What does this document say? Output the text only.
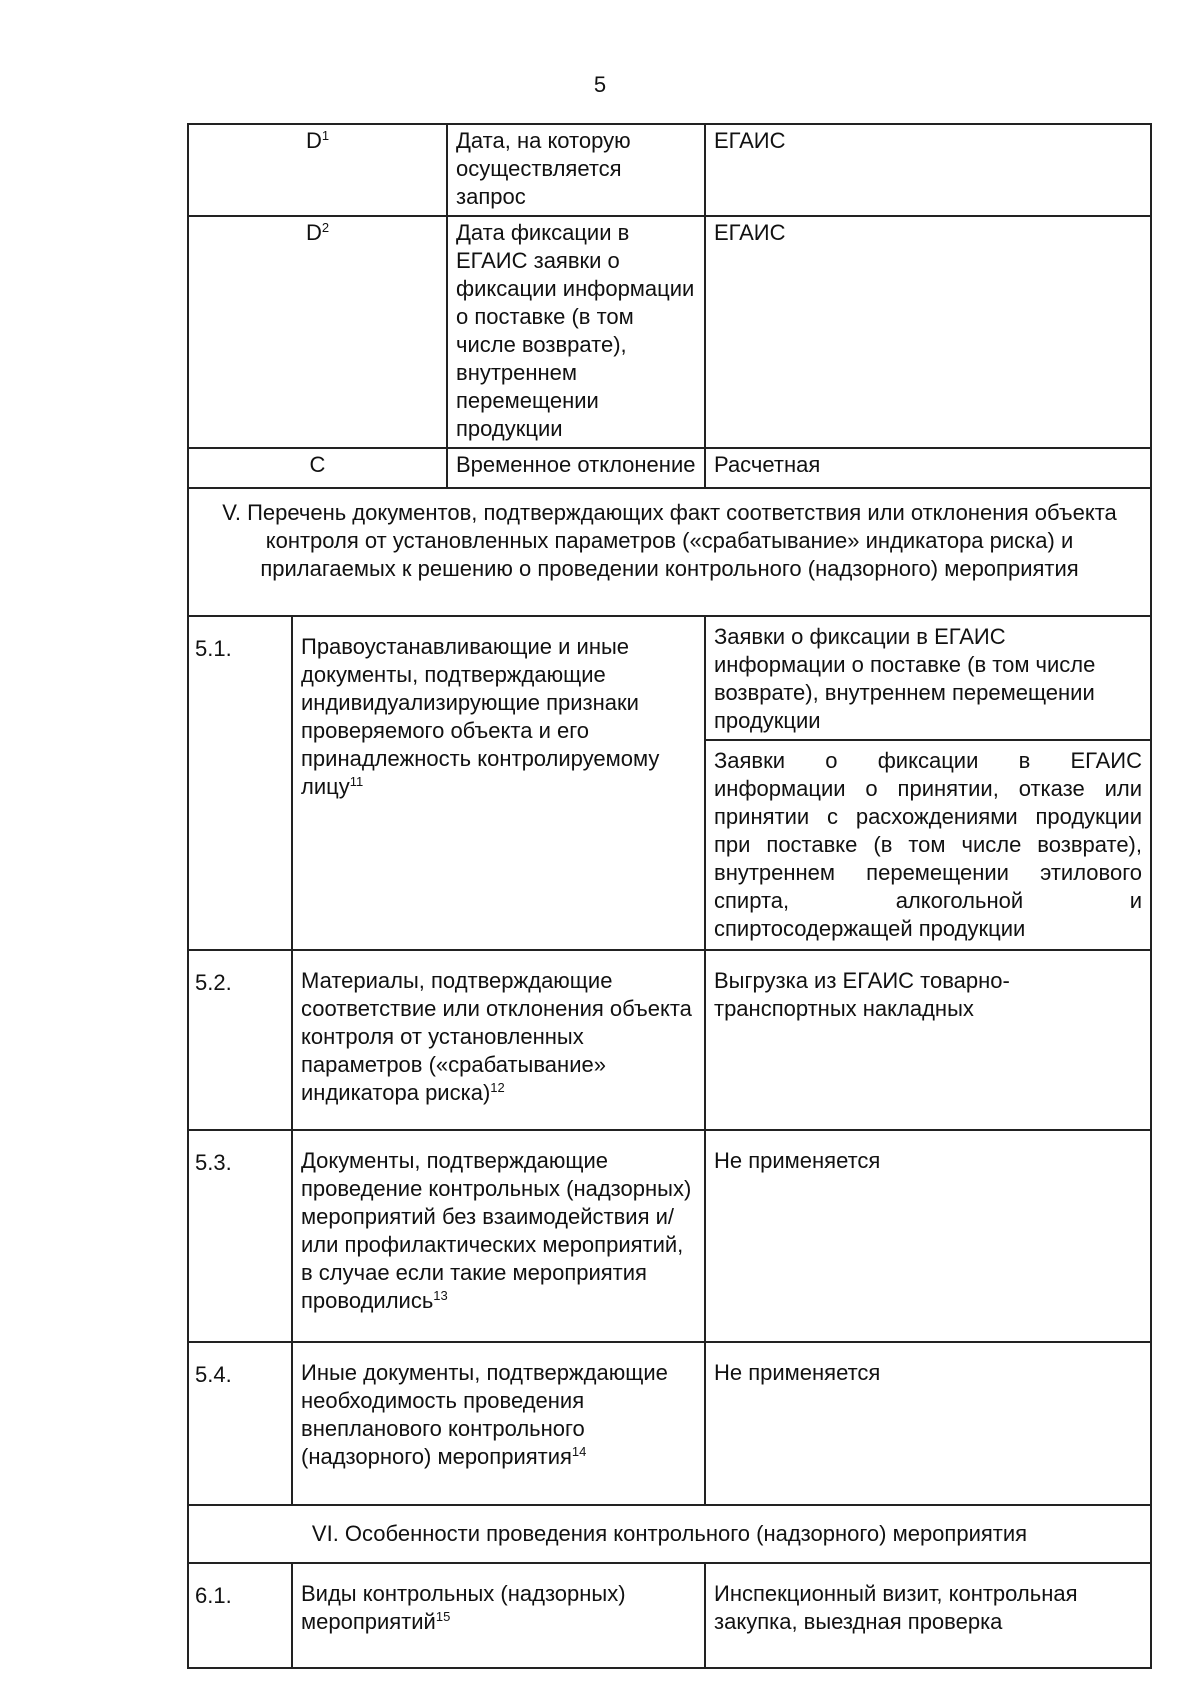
5
$D^1$		Дата, на которую осуществляется запрос	ЕГАИС
$D^2$		Дата фиксации в ЕГАИС заявки о фиксации информации о поставке (в том числе возврате), внутреннем перемещении продукции	ЕГАИС
C		Временное отклонение	Расчетная
V. Перечень документов, подтверждающих факт соответствия или отклонения объекта контроля от установленных параметров («срабатывание» индикатора риска) и прилагаемых к решению о проведении контрольного (надзорного) мероприятия			
5.1.	Правоустанавливающие и иные документы, подтверждающие индивидуализирующие признаки проверяемого объекта и его принадлежность контролируемому лицу$^{11}$		Заявки о фиксации в ЕГАИС информации о поставке (в том числе возврате), внутреннем перемещении продукции
			Заявки о фиксации в ЕГАИС информации о принятии, отказе или принятии с расхождениями продукции при поставке (в том числе возврате), внутреннем перемещении этилового спирта, алкогольной и спиртосодержащей продукции
5.2.	Материалы, подтверждающие соответствие или отклонения объекта контроля от установленных параметров («срабатывание» индикатора риска)$^{12}$		Выгрузка из ЕГАИС товарно-транспортных накладных
5.3.	Документы, подтверждающие проведение контрольных (надзорных) мероприятий без взаимодействия и/или профилактических мероприятий, в случае если такие мероприятия проводились$^{13}$		Не применяется
5.4.	Иные документы, подтверждающие необходимость проведения внепланового контрольного (надзорного) мероприятия$^{14}$		Не применяется
VI. Особенности проведения контрольного (надзорного) мероприятия			
6.1.	Виды контрольных (надзорных) мероприятий$^{15}$		Инспекционный визит, контрольная закупка, выездная проверка
